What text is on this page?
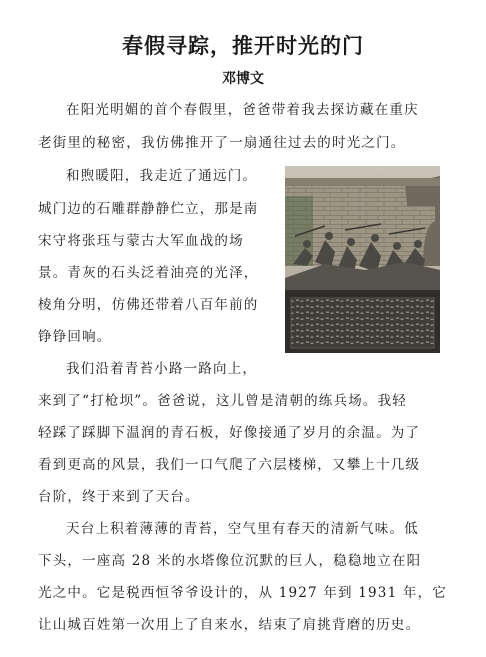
春假寻踪，推开时光的门
邓博文
在阳光明媚的首个春假里，爸爸带着我去探访藏在重庆
老街里的秘密，我仿佛推开了一扇通往过去的时光之门。
和煦暖阳，我走近了通远门。
城门边的石雕群静静伫立，那是南
宋守将张珏与蒙古大军血战的场
景。青灰的石头泛着油亮的光泽，
棱角分明，仿佛还带着八百年前的
铮铮回响。
我们沿着青苔小路一路向上，
来到了“打枪坝”。爸爸说，这儿曾是清朝的练兵场。我轻
轻踩了踩脚下温润的青石板，好像接通了岁月的余温。为了
看到更高的风景，我们一口气爬了六层楼梯，又攀上十几级
台阶，终于来到了天台。
天台上积着薄薄的青苔，空气里有春天的清新气味。低
下头，一座高 28 米的水塔像位沉默的巨人，稳稳地立在阳
光之中。它是税西恒爷爷设计的，从 1927 年到 1931 年，它
让山城百姓第一次用上了自来水，结束了肩挑背磨的历史。
